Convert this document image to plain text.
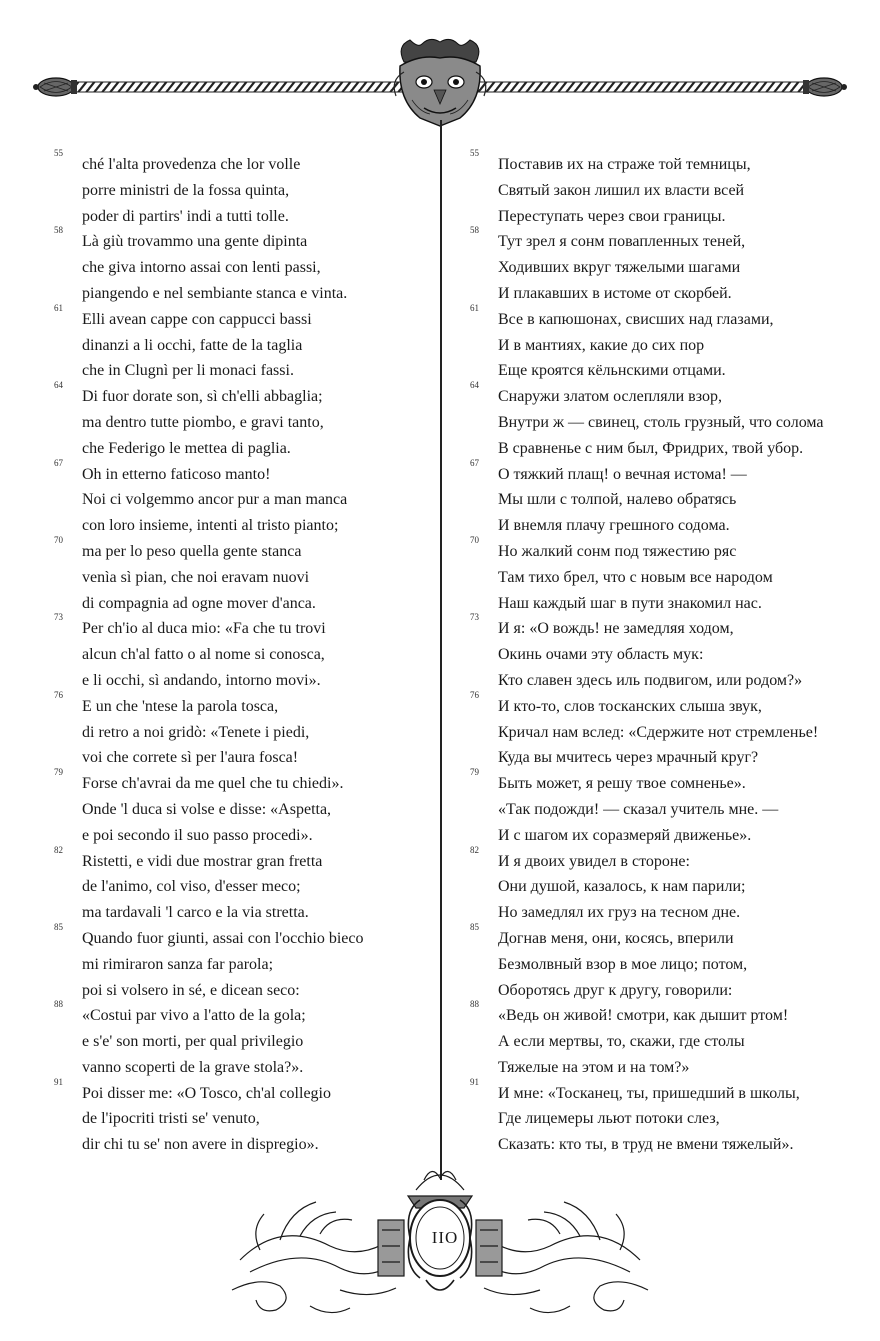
55
ché l'alta provedenza che lor volle
porre ministri de la fossa quinta,
poder di partirs' indi a tutti tolle.
58
Là giù trovammo una gente dipinta
che giva intorno assai con lenti passi,
piangendo e nel sembiante stanca e vinta.
61
Elli avean cappe con cappucci bassi
dinanzi a li occhi, fatte de la taglia
che in Clugnì per li monaci fassi.
64
Di fuor dorate son, sì ch'elli abbaglia;
ma dentro tutte piombo, e gravi tanto,
che Federigo le mettea di paglia.
67
Oh in etterno faticoso manto!
Noi ci volgemmo ancor pur a man manca
con loro insieme, intenti al tristo pianto;
70
ma per lo peso quella gente stanca
venìa sì pian, che noi eravam nuovi
di compagnia ad ogne mover d'anca.
73
Per ch'io al duca mio: «Fa che tu trovi
alcun ch'al fatto o al nome si conosca,
e li occhi, sì andando, intorno movi».
76
E un che 'ntese la parola tosca,
di retro a noi gridò: «Tenete i piedi,
voi che correte sì per l'aura fosca!
79
Forse ch'avrai da me quel che tu chiedi».
Onde 'l duca si volse e disse: «Aspetta,
e poi secondo il suo passo procedi».
82
Ristetti, e vidi due mostrar gran fretta
de l'animo, col viso, d'esser meco;
ma tardavali 'l carco e la via stretta.
85
Quando fuor giunti, assai con l'occhio bieco
mi rimiraron sanza far parola;
poi si volsero in sé, e dicean seco:
88
«Costui par vivo a l'atto de la gola;
e s'e' son morti, per qual privilegio
vanno scoperti de la grave stola?».
91
Poi disser me: «O Tosco, ch'al collegio
de l'ipocriti tristi se' venuto,
dir chi tu se' non avere in dispregio».
55
Поставив их на страже той темницы,
Святый закон лишил их власти всей
Переступать через свои границы.
58
Тут зрел я сонм повапленных теней,
Ходивших вкруг тяжелыми шагами
И плакавших в истоме от скорбей.
61
Все в капюшонах, свисших над глазами,
И в мантиях, какие до сих пор
Еще кроятся кёльнскими отцами.
64
Снаружи златом ослепляли взор,
Внутри ж — свинец, столь грузный, что солома
В сравненье с ним был, Фридрих, твой убор.
67
О тяжкий плащ! о вечная истома! —
Мы шли с толпой, налево обратясь
И внемля плачу грешного содома.
70
Но жалкий сонм под тяжестию ряс
Там тихо брел, что с новым все народом
Наш каждый шаг в пути знакомил нас.
73
И я: «О вождь! не замедляя ходом,
Окинь очами эту область мук:
Кто славен здесь иль подвигом, или родом?»
76
И кто-то, слов тосканских слыша звук,
Кричал нам вслед: «Сдержите нот стремленье!
Куда вы мчитесь через мрачный круг?
79
Быть может, я решу твое сомненье».
«Так подожди! — сказал учитель мне. —
И с шагом их соразмеряй движенье».
82
И я двоих увидел в стороне:
Они душой, казалось, к нам парили;
Но замедлял их груз на тесном дне.
85
Догнав меня, они, косясь, вперили
Безмолвный взор в мое лицо; потом,
Оборотясь друг к другу, говорили:
88
«Ведь он живой! смотри, как дышит ртом!
А если мертвы, то, скажи, где столы
Тяжелые на этом и на том?»
91
И мне: «Тосканец, ты, пришедший в школы,
Где лицемеры льют потоки слез,
Сказать: кто ты, в труд не вмени тяжелый».
IIO
